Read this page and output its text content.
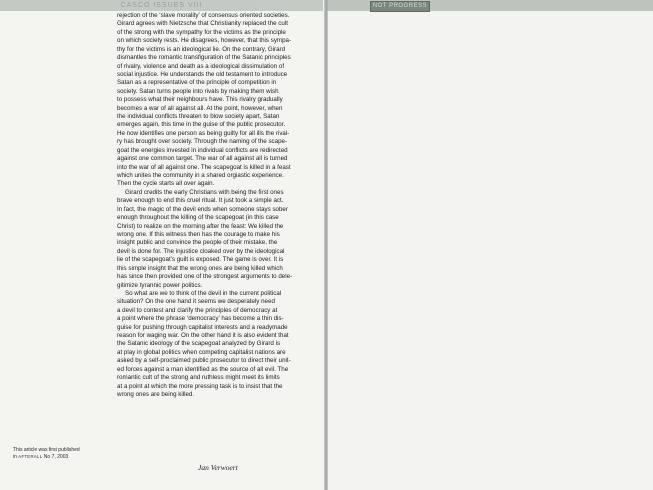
CASCO ISSUES VIII	NOT PROGRESS
rejection of the ‘slave morality’ of consensus oriented societies.
Girard agrees with Nietzsche that Christianity replaced the cult
of the strong with the sympathy for the victims as the principle
on which society rests. He disagrees, however, that this sympa-
thy for the victims is an ideological lie. On the contrary, Girard
dismantles the romantic transfiguration of the Satanic principles
of rivalry, violence and death as a ideological dissimulation of
social injustice. He understands the old testament to introduce
Satan as a representative of the principle of competition in
society. Satan turns people into rivals by making them wish
to possess what their neighbours have. This rivalry gradually
becomes a war of all against all. At the point, however, when
the individual conflicts threaten to blow society apart, Satan
emerges again, this time in the guise of the public prosecutor.
He now identifies one person as being guilty for all ills the rival-
ry has brought over society. Through the naming of the scape-
goat the energies invested in individual conflicts are redirected
against one common target. The war of all against all is turned
into the war of all against one. The scapegoat is killed in a feast
which unites the community in a shared orgiastic experience.
Then the cycle starts all over again.
Girard credits the early Christians with being the first ones
brave enough to end this cruel ritual. It just took a simple act.
In fact, the magic of the devil ends when someone stays sober
enough throughout the killing of the scapegoat (in this case
Christ) to realize on the morning after the feast: We killed the
wrong one. If this witness then has the courage to make his
insight public and convince the people of their mistake, the
devil is done for. The injustice cloaked over by the ideological
lie of the scapegoat’s guilt is exposed. The game is over. It is
this simple insight that the wrong ones are being killed which
has since then provided one of the strongest arguments to dele-
gitimize tyrannic power politics.
So what are we to think of the devil in the current political
situation? On the one hand it seems we desperately need
a devil to contest and clarify the principles of democracy at
a point where the phrase ‘democracy’ has become a thin dis-
guise for pushing through capitalist interests and a readymade
reason for waging war. On the other hand it is also evident that
the Satanic ideology of the scapegoat analyzed by Girard is
at play in global politics when competing capitalist nations are
asked by a self-proclaimed public prosecutor to direct their unit-
ed forces against a man identified as the source of all evil. The
romantic cult of the strong and ruthless might meet its limits
at a point at which the more pressing task is to insist that the
wrong ones are being killed.
This article was first published
in AFTERALL No 7, 2003
Jan Verwoert
